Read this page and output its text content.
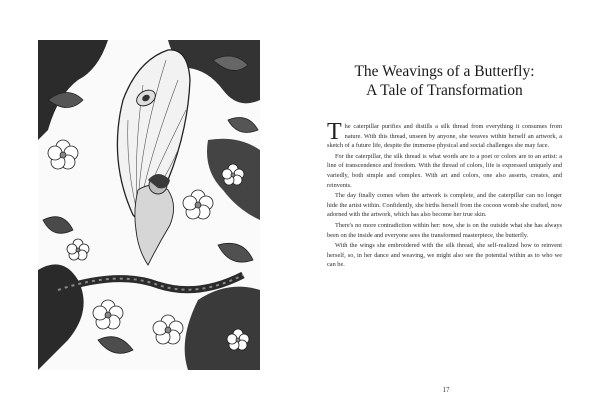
The Weavings of a Butterfly:
A Tale of Transformation

The caterpillar purifies and distills a silk thread from everything it consumes from nature. With this thread, unseen by anyone, she weaves within herself an artwork, a sketch of a future life, despite the immense physical and social challenges she may face.

For the caterpillar, the silk thread is what words are to a poet or colors are to an artist: a line of transcendence and freedom. With the thread of colors, life is expressed uniquely and variedly, both simple and complex. With art and colors, one also asserts, creates, and reinvents.

The day finally comes when the artwork is complete, and the caterpillar can no longer hide the artist within. Confidently, she births herself from the cocoon womb she crafted, now adorned with the artwork, which has also become her true skin.

There's no more contradiction within her: now, she is on the outside what she has always been on the inside and everyone sees the transformed masterpiece, the butterfly.

With the wings she embroidered with the silk thread, she self-realized how to reinvent herself, so, in her dance and weaving, we might also see the potential within as to who we can be.

17
